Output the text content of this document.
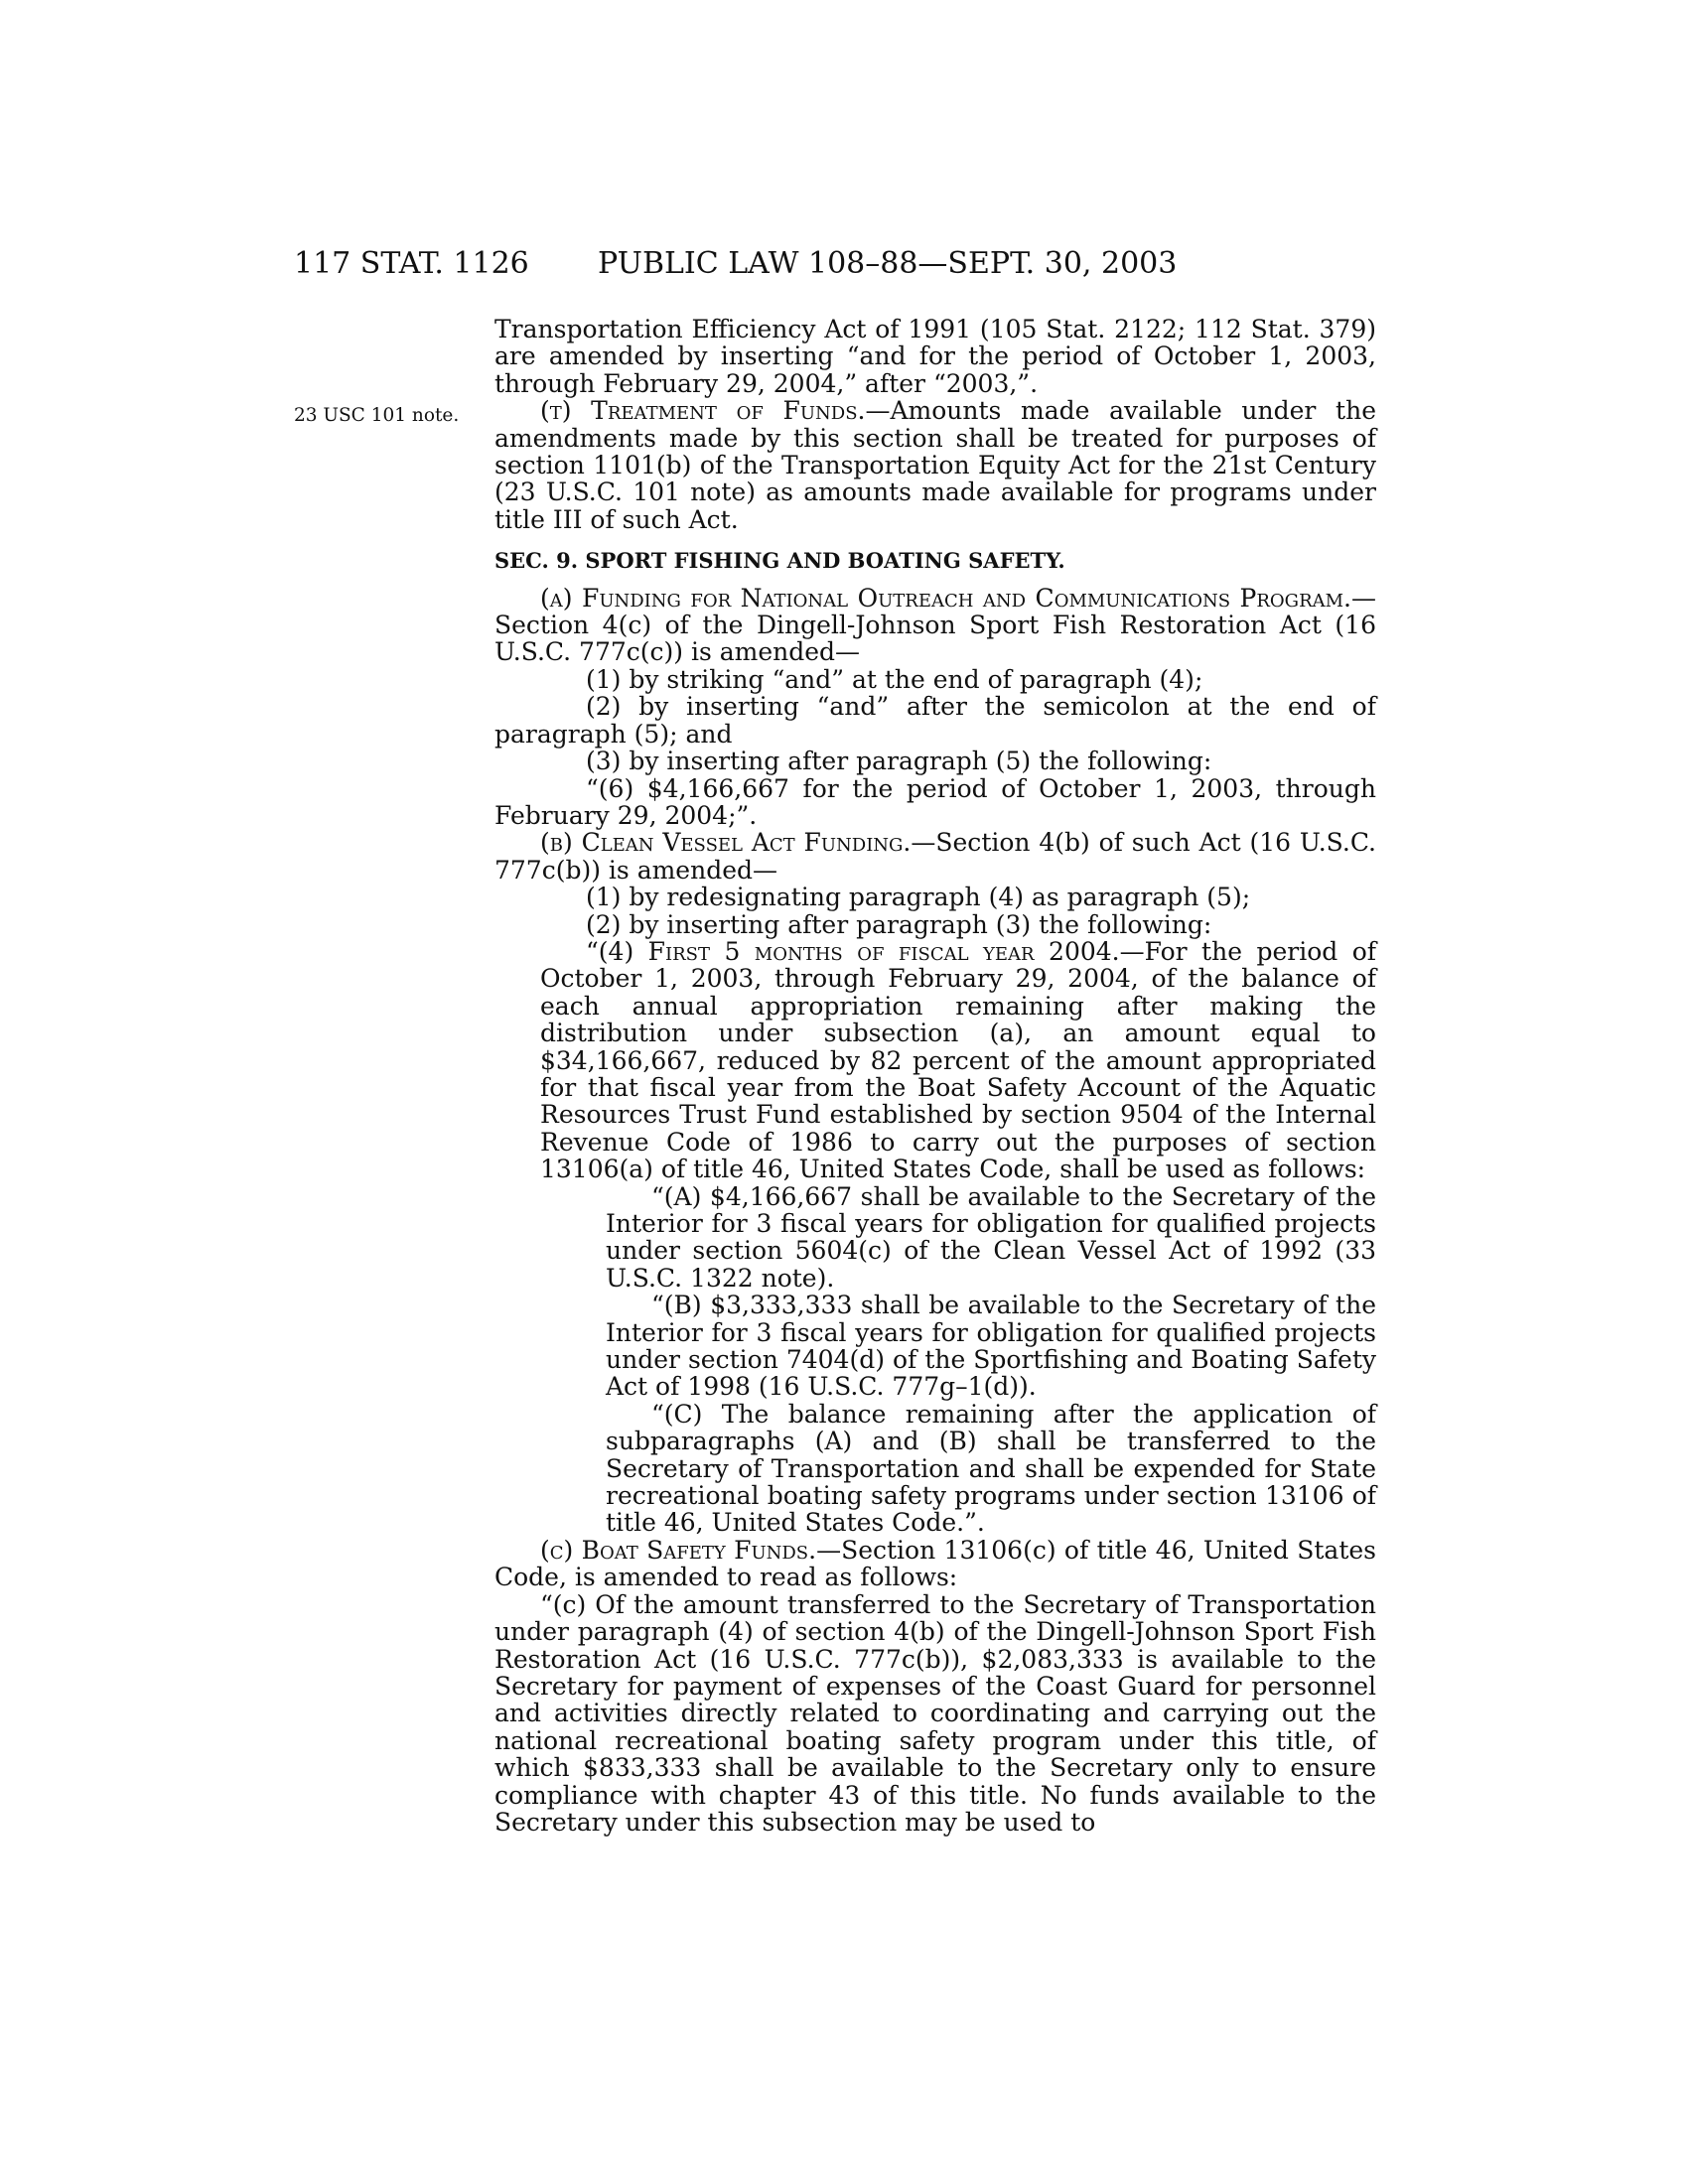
117 STAT. 1126 PUBLIC LAW 108–88—SEPT. 30, 2003
23 USC 101 note.

Transportation Efficiency Act of 1991 (105 Stat. 2122; 112 Stat. 379) are amended by inserting “and for the period of October 1, 2003, through February 29, 2004,” after “2003,”.

(t) Treatment of Funds.—Amounts made available under the amendments made by this section shall be treated for purposes of section 1101(b) of the Transportation Equity Act for the 21st Century (23 U.S.C. 101 note) as amounts made available for programs under title III of such Act.

SEC. 9. SPORT FISHING AND BOATING SAFETY.

(a) Funding for National Outreach and Communications Program.—Section 4(c) of the Dingell-Johnson Sport Fish Restoration Act (16 U.S.C. 777c(c)) is amended—

(1) by striking “and” at the end of paragraph (4);

(2) by inserting “and” after the semicolon at the end of paragraph (5); and

(3) by inserting after paragraph (5) the following:

“(6) $4,166,667 for the period of October 1, 2003, through February 29, 2004;”.

(b) Clean Vessel Act Funding.—Section 4(b) of such Act (16 U.S.C. 777c(b)) is amended—

(1) by redesignating paragraph (4) as paragraph (5);

(2) by inserting after paragraph (3) the following:

“(4) First 5 months of fiscal year 2004.—For the period of October 1, 2003, through February 29, 2004, of the balance of each annual appropriation remaining after making the distribution under subsection (a), an amount equal to $34,166,667, reduced by 82 percent of the amount appropriated for that fiscal year from the Boat Safety Account of the Aquatic Resources Trust Fund established by section 9504 of the Internal Revenue Code of 1986 to carry out the purposes of section 13106(a) of title 46, United States Code, shall be used as follows:

“(A) $4,166,667 shall be available to the Secretary of the Interior for 3 fiscal years for obligation for qualified projects under section 5604(c) of the Clean Vessel Act of 1992 (33 U.S.C. 1322 note).

“(B) $3,333,333 shall be available to the Secretary of the Interior for 3 fiscal years for obligation for qualified projects under section 7404(d) of the Sportfishing and Boating Safety Act of 1998 (16 U.S.C. 777g–1(d)).

“(C) The balance remaining after the application of subparagraphs (A) and (B) shall be transferred to the Secretary of Transportation and shall be expended for State recreational boating safety programs under section 13106 of title 46, United States Code.”.

(c) Boat Safety Funds.—Section 13106(c) of title 46, United States Code, is amended to read as follows:

“(c) Of the amount transferred to the Secretary of Transportation under paragraph (4) of section 4(b) of the Dingell-Johnson Sport Fish Restoration Act (16 U.S.C. 777c(b)), $2,083,333 is available to the Secretary for payment of expenses of the Coast Guard for personnel and activities directly related to coordinating and carrying out the national recreational boating safety program under this title, of which $833,333 shall be available to the Secretary only to ensure compliance with chapter 43 of this title. No funds available to the Secretary under this subsection may be used to
